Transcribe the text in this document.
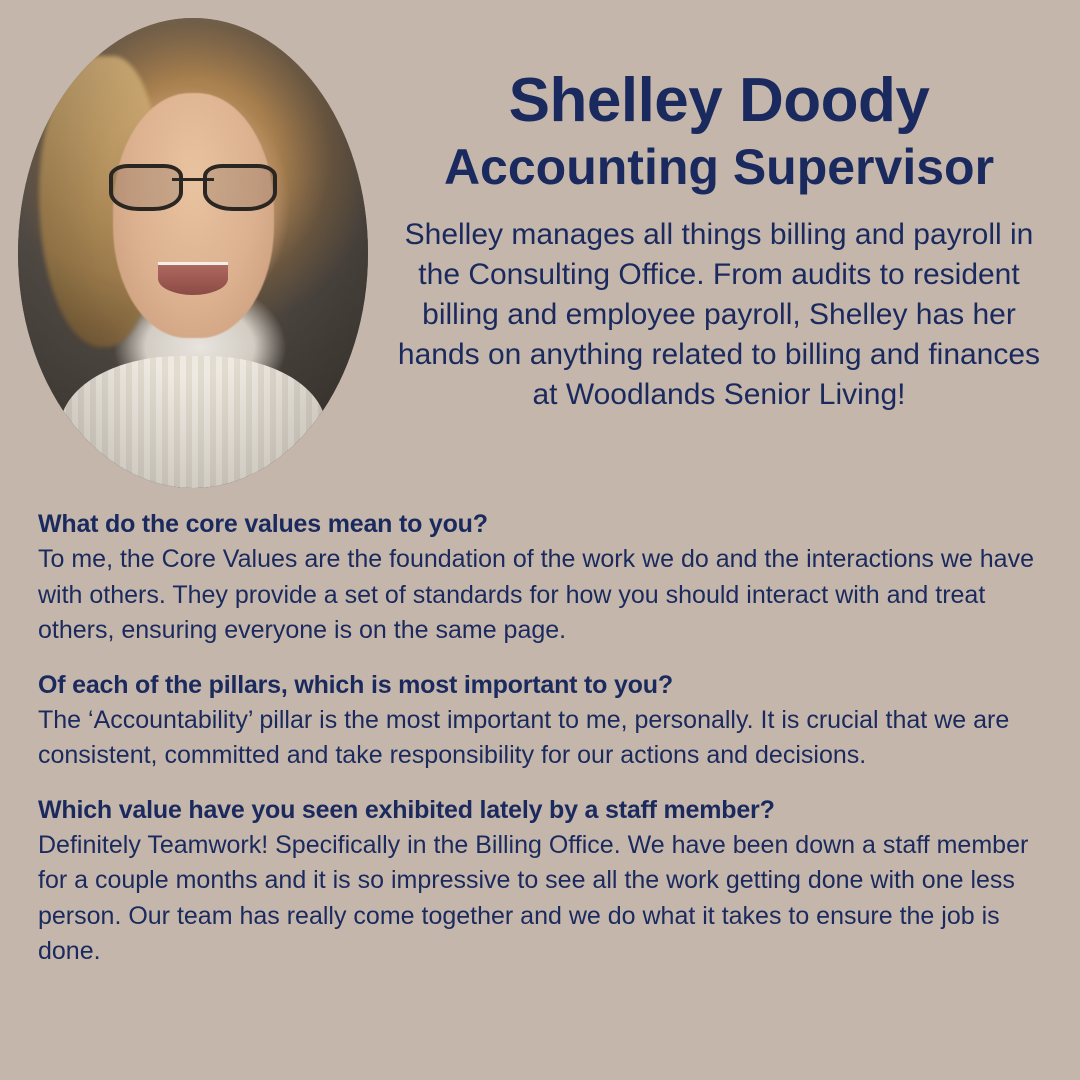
Shelley Doody
Accounting Supervisor

Shelley manages all things billing and payroll in the Consulting Office. From audits to resident billing and employee payroll, Shelley has her hands on anything related to billing and finances at Woodlands Senior Living!

What do the core values mean to you?

To me, the Core Values are the foundation of the work we do and the interactions we have with others. They provide a set of standards for how you should interact with and treat others, ensuring everyone is on the same page.

Of each of the pillars, which is most important to you?

The ‘Accountability’ pillar is the most important to me, personally. It is crucial that we are consistent, committed and take responsibility for our actions and decisions.

Which value have you seen exhibited lately by a staff member?

Definitely Teamwork! Specifically in the Billing Office. We have been down a staff member for a couple months and it is so impressive to see all the work getting done with one less person. Our team has really come together and we do what it takes to ensure the job is done.
